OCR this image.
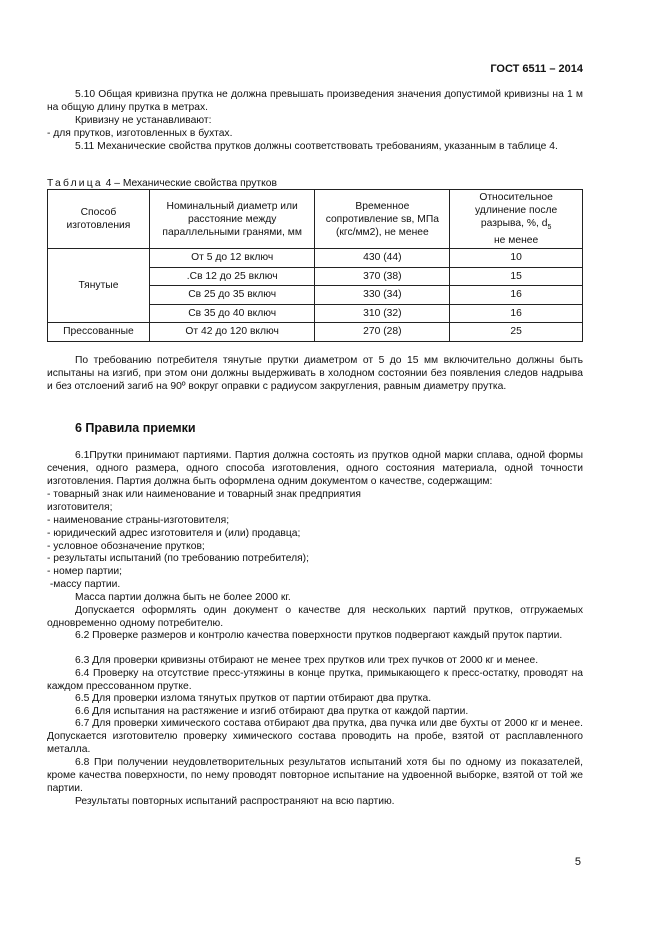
ГОСТ 6511 – 2014

5.10 Общая кривизна прутка не должна превышать произведения значения допустимой кривизны на 1 м на общую длину прутка в метрах.

Кривизну не устанавливают:

- для прутков, изготовленных в бухтах.

5.11 Механические свойства прутков должны соответствовать требованиям, указанным в таблице 4.

Таблица 4 – Механические свойства прутков
Способ изготовления	Номинальный диаметр или расстояние между параллельными гранями, мм	Временное сопротивление sв, МПа (кгс/мм2), не менее	Относительное удлинение после разрыва, %, $d_5$
не менее
Тянутые	От 5 до 12 включ	430 (44)	10
	.Св 12 до 25 включ	370 (38)	15
	Св 25 до 35 включ	330 (34)	16
	Св 35 до 40 включ	310 (32)	16
Прессованные	От 42 до 120 включ	270 (28)	25

По требованию потребителя тянутые прутки диаметром от 5 до 15 мм включительно должны быть испытаны на изгиб, при этом они должны выдерживать в холодном состоянии без появления следов надрыва и без отслоений загиб на 90º вокруг оправки с радиусом закругления, равным диаметру прутка.

6 Правила приемки

6.1Прутки принимают партиями. Партия должна состоять из прутков одной марки сплава, одной формы сечения, одного размера, одного способа изготовления, одного состояния материала, одной точности изготовления. Партия должна быть оформлена одним документом о качестве, содержащим:

- товарный знак или наименование и товарный знак предприятия

изготовителя;

- наименование страны-изготовителя;

- юридический адрес изготовителя и (или) продавца;

- условное обозначение прутков;

- результаты испытаний (по требованию потребителя);

- номер партии;

-массу партии.

Масса партии должна быть не более 2000 кг.

Допускается оформлять один документ о качестве для нескольких партий прутков, отгружаемых одновременно одному потребителю.

6.2 Проверке размеров и контролю качества поверхности прутков подвергают каждый пруток партии.

6.3 Для проверки кривизны отбирают не менее трех прутков или трех пучков от 2000 кг и менее.

6.4 Проверку на отсутствие пресс-утяжины в конце прутка, примыкающего к пресс-остатку, проводят на каждом прессованном прутке.

6.5 Для проверки излома тянутых прутков от партии отбирают два прутка.

6.6 Для испытания на растяжение и изгиб отбирают два прутка от каждой партии.

6.7 Для проверки химического состава отбирают два прутка, два пучка или две бухты от 2000 кг и менее. Допускается изготовителю проверку химического состава проводить на пробе, взятой от расплавленного металла.

6.8 При получении неудовлетворительных результатов испытаний хотя бы по одному из показателей, кроме качества поверхности, по нему проводят повторное испытание на удвоенной выборке, взятой от той же партии.

Результаты повторных испытаний распространяют на всю партию.

5
